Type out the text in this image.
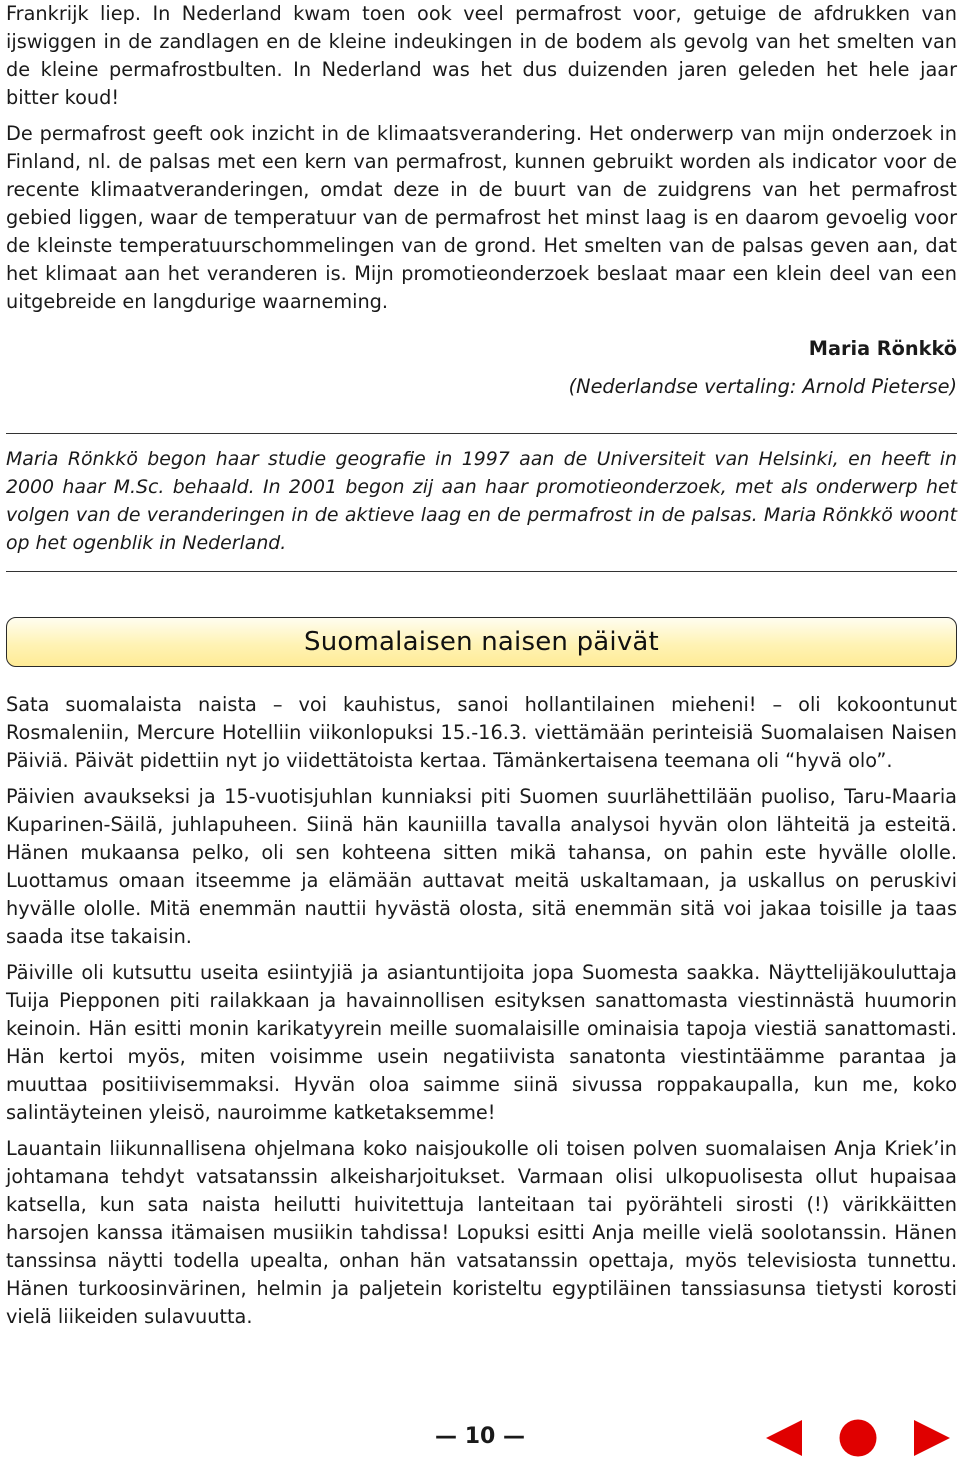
Frankrijk liep. In Nederland kwam toen ook veel permafrost voor, getuige de afdrukken van ijswiggen in de zandlagen en de kleine indeukingen in de bodem als gevolg van het smelten van de kleine permafrostbulten. In Nederland was het dus duizenden jaren geleden het hele jaar bitter koud!

De permafrost geeft ook inzicht in de klimaatsverandering. Het onderwerp van mijn onderzoek in Finland, nl. de palsas met een kern van permafrost, kunnen gebruikt worden als indicator voor de recente klimaatveranderingen, omdat deze in de buurt van de zuidgrens van het permafrost gebied liggen, waar de temperatuur van de permafrost het minst laag is en daarom gevoelig voor de kleinste temperatuurschommelingen van de grond. Het smelten van de palsas geven aan, dat het klimaat aan het veranderen is. Mijn promotieonderzoek beslaat maar een klein deel van een uitgebreide en langdurige waarneming.

Maria Rönkkö
(Nederlandse vertaling: Arnold Pieterse)

Maria Rönkkö begon haar studie geografie in 1997 aan de Universiteit van Helsinki, en heeft in 2000 haar M.Sc. behaald. In 2001 begon zij aan haar promotieonderzoek, met als onderwerp het volgen van de veranderingen in de aktieve laag en de permafrost in de palsas. Maria Rönkkö woont op het ogenblik in Nederland.

Suomalaisen naisen päivät

Sata suomalaista naista – voi kauhistus, sanoi hollantilainen mieheni! – oli kokoontunut Rosmaleniin, Mercure Hotelliin viikonlopuksi 15.-16.3. viettämään perinteisiä Suomalaisen Naisen Päiviä. Päivät pidettiin nyt jo viidettätoista kertaa. Tämänkertaisena teemana oli “hyvä olo”.

Päivien avaukseksi ja 15-vuotisjuhlan kunniaksi piti Suomen suurlähettilään puoliso, Taru-Maaria Kuparinen-Säilä, juhlapuheen. Siinä hän kauniilla tavalla analysoi hyvän olon lähteitä ja esteitä. Hänen mukaansa pelko, oli sen kohteena sitten mikä tahansa, on pahin este hyvälle ololle. Luottamus omaan itseemme ja elämään auttavat meitä uskaltamaan, ja uskallus on peruskivi hyvälle ololle. Mitä enemmän nauttii hyvästä olosta, sitä enemmän sitä voi jakaa toisille ja taas saada itse takaisin.

Päiville oli kutsuttu useita esiintyjiä ja asiantuntijoita jopa Suomesta saakka. Näyttelijäkouluttaja Tuija Piepponen piti railakkaan ja havainnollisen esityksen sanattomasta viestinnästä huumorin keinoin. Hän esitti monin karikatyyrein meille suomalaisille ominaisia tapoja viestiä sanattomasti. Hän kertoi myös, miten voisimme usein negatiivista sanatonta viestintäämme parantaa ja muuttaa positiivisemmaksi. Hyvän oloa saimme siinä sivussa roppakaupalla, kun me, koko salintäyteinen yleisö, nauroimme katketaksemme!

Lauantain liikunnallisena ohjelmana koko naisjoukolle oli toisen polven suomalaisen Anja Kriek’in johtamana tehdyt vatsatanssin alkeisharjoitukset. Varmaan olisi ulkopuolisesta ollut hupaisaa katsella, kun sata naista heilutti huivitettuja lanteitaan tai pyörähteli sirosti (!) värikkäitten harsojen kanssa itämaisen musiikin tahdissa! Lopuksi esitti Anja meille vielä soolotanssin. Hänen tanssinsa näytti todella upealta, onhan hän vatsatanssin opettaja, myös televisiosta tunnettu. Hänen turkoosinvärinen, helmin ja paljetein koristeltu egyptiläinen tanssiasunsa tietysti korosti vielä liikeiden sulavuutta.

— 10 —
